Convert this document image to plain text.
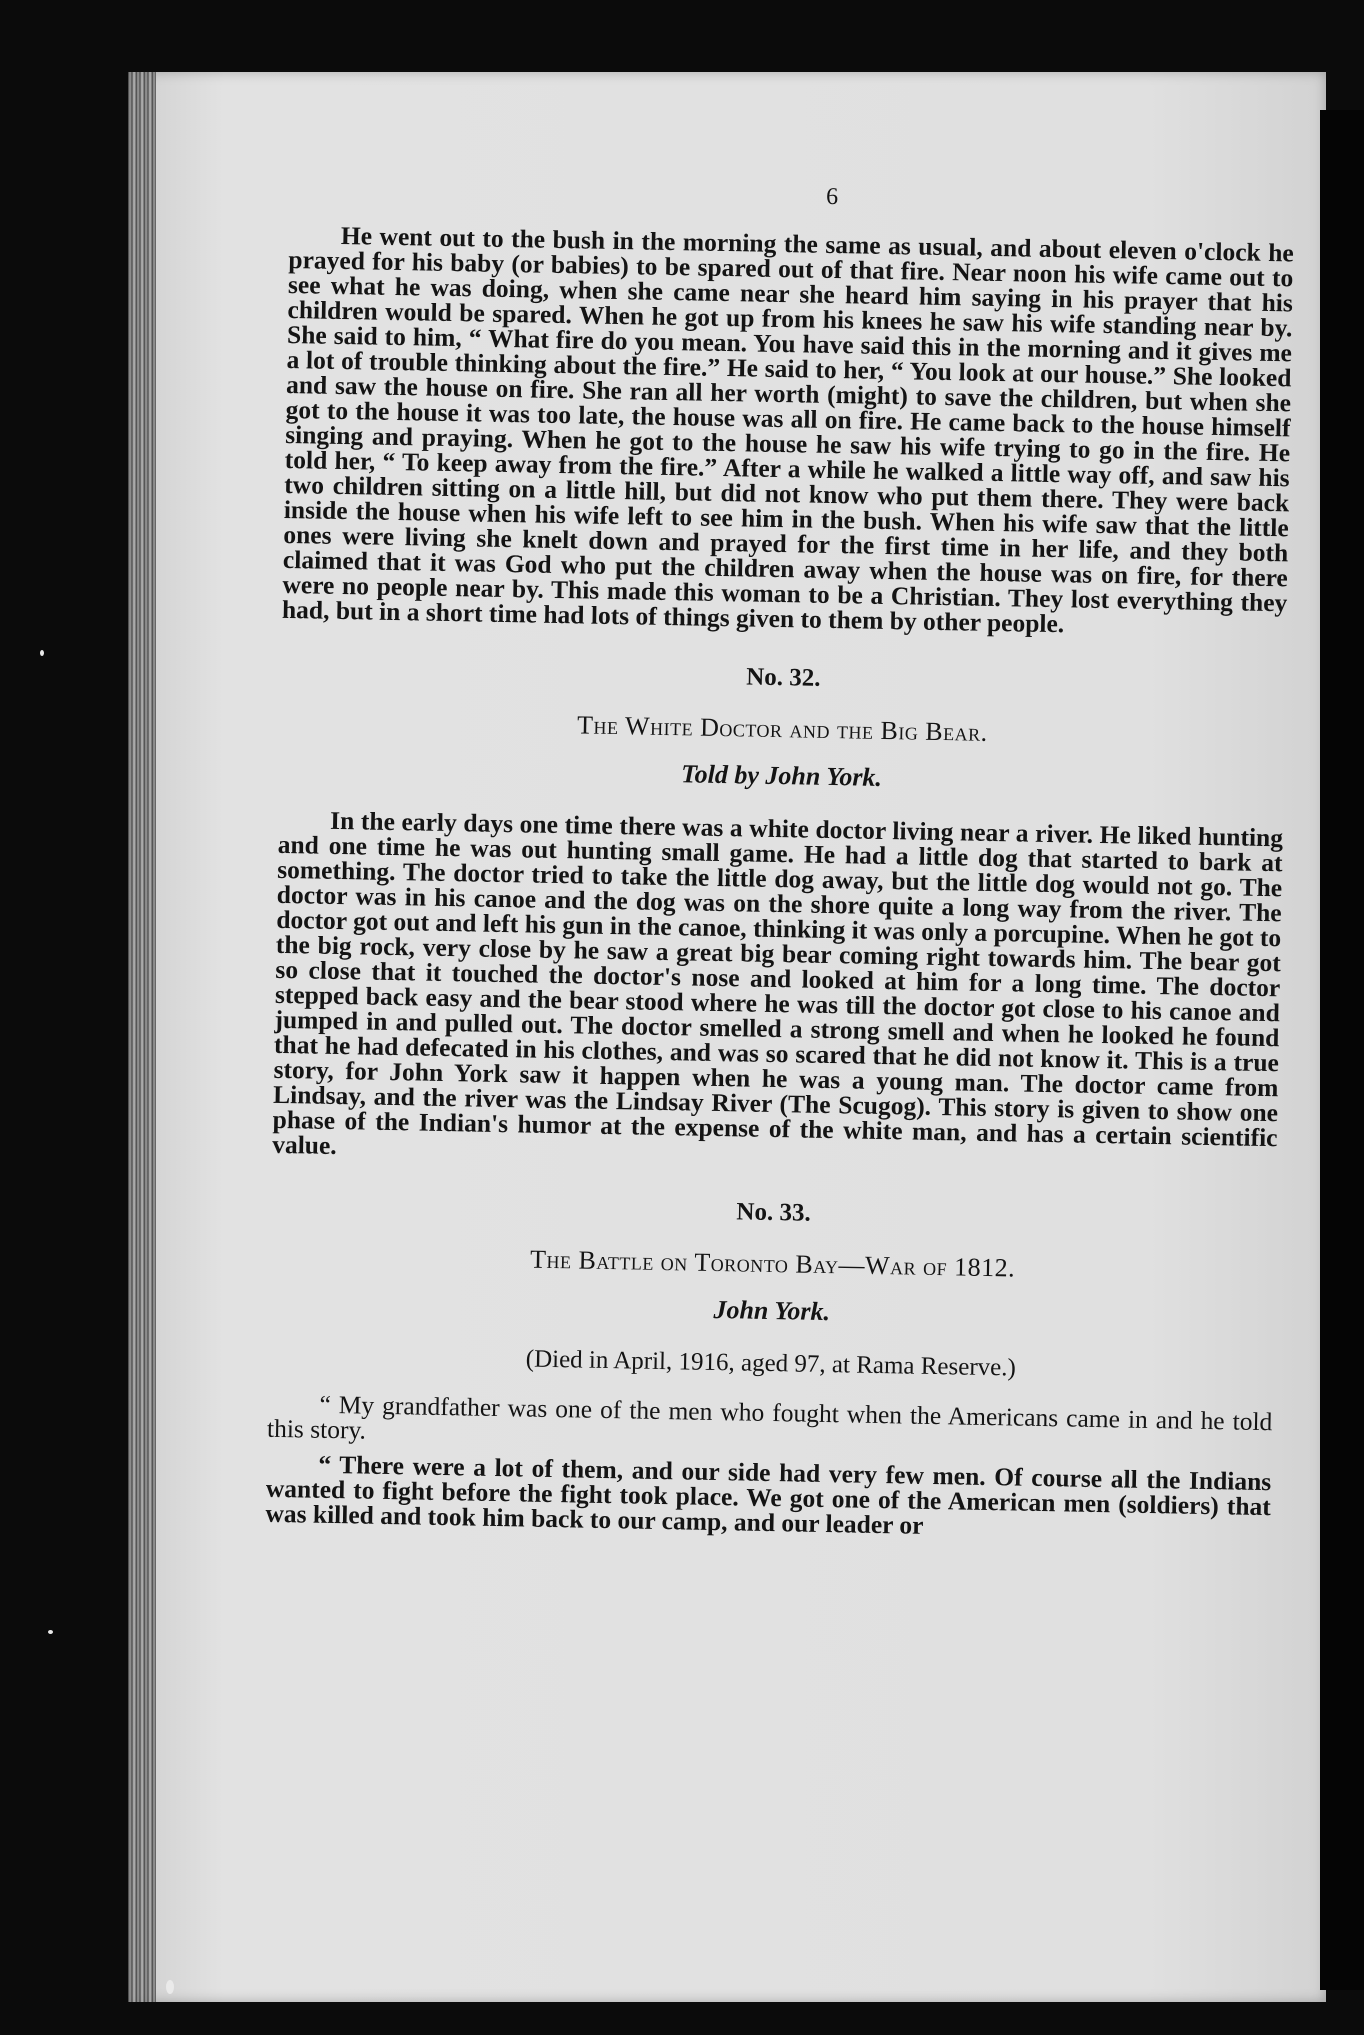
6

He went out to the bush in the morning the same as usual, and about eleven o'clock he prayed for his baby (or babies) to be spared out of that fire. Near noon his wife came out to see what he was doing, when she came near she heard him saying in his prayer that his children would be spared. When he got up from his knees he saw his wife standing near by. She said to him, “ What fire do you mean. You have said this in the morning and it gives me a lot of trouble thinking about the fire.” He said to her, “ You look at our house.” She looked and saw the house on fire. She ran all her worth (might) to save the children, but when she got to the house it was too late, the house was all on fire. He came back to the house himself singing and praying. When he got to the house he saw his wife trying to go in the fire. He told her, “ To keep away from the fire.” After a while he walked a little way off, and saw his two children sitting on a little hill, but did not know who put them there. They were back inside the house when his wife left to see him in the bush. When his wife saw that the little ones were living she knelt down and prayed for the first time in her life, and they both claimed that it was God who put the children away when the house was on fire, for there were no people near by. This made this woman to be a Christian. They lost everything they had, but in a short time had lots of things given to them by other people.

No. 32.
The White Doctor and the Big Bear.
Told by John York.

In the early days one time there was a white doctor living near a river. He liked hunting and one time he was out hunting small game. He had a little dog that started to bark at something. The doctor tried to take the little dog away, but the little dog would not go. The doctor was in his canoe and the dog was on the shore quite a long way from the river. The doctor got out and left his gun in the canoe, thinking it was only a porcupine. When he got to the big rock, very close by he saw a great big bear coming right towards him. The bear got so close that it touched the doctor's nose and looked at him for a long time. The doctor stepped back easy and the bear stood where he was till the doctor got close to his canoe and jumped in and pulled out. The doctor smelled a strong smell and when he looked he found that he had defecated in his clothes, and was so scared that he did not know it. This is a true story, for John York saw it happen when he was a young man. The doctor came from Lindsay, and the river was the Lindsay River (The Scugog). This story is given to show one phase of the Indian's humor at the expense of the white man, and has a certain scientific value.

No. 33.
The Battle on Toronto Bay—War of 1812.
John York.
(Died in April, 1916, aged 97, at Rama Reserve.)

“ My grandfather was one of the men who fought when the Americans came in and he told this story.

“ There were a lot of them, and our side had very few men. Of course all the Indians wanted to fight before the fight took place. We got one of the American men (soldiers) that was killed and took him back to our camp, and our leader or
